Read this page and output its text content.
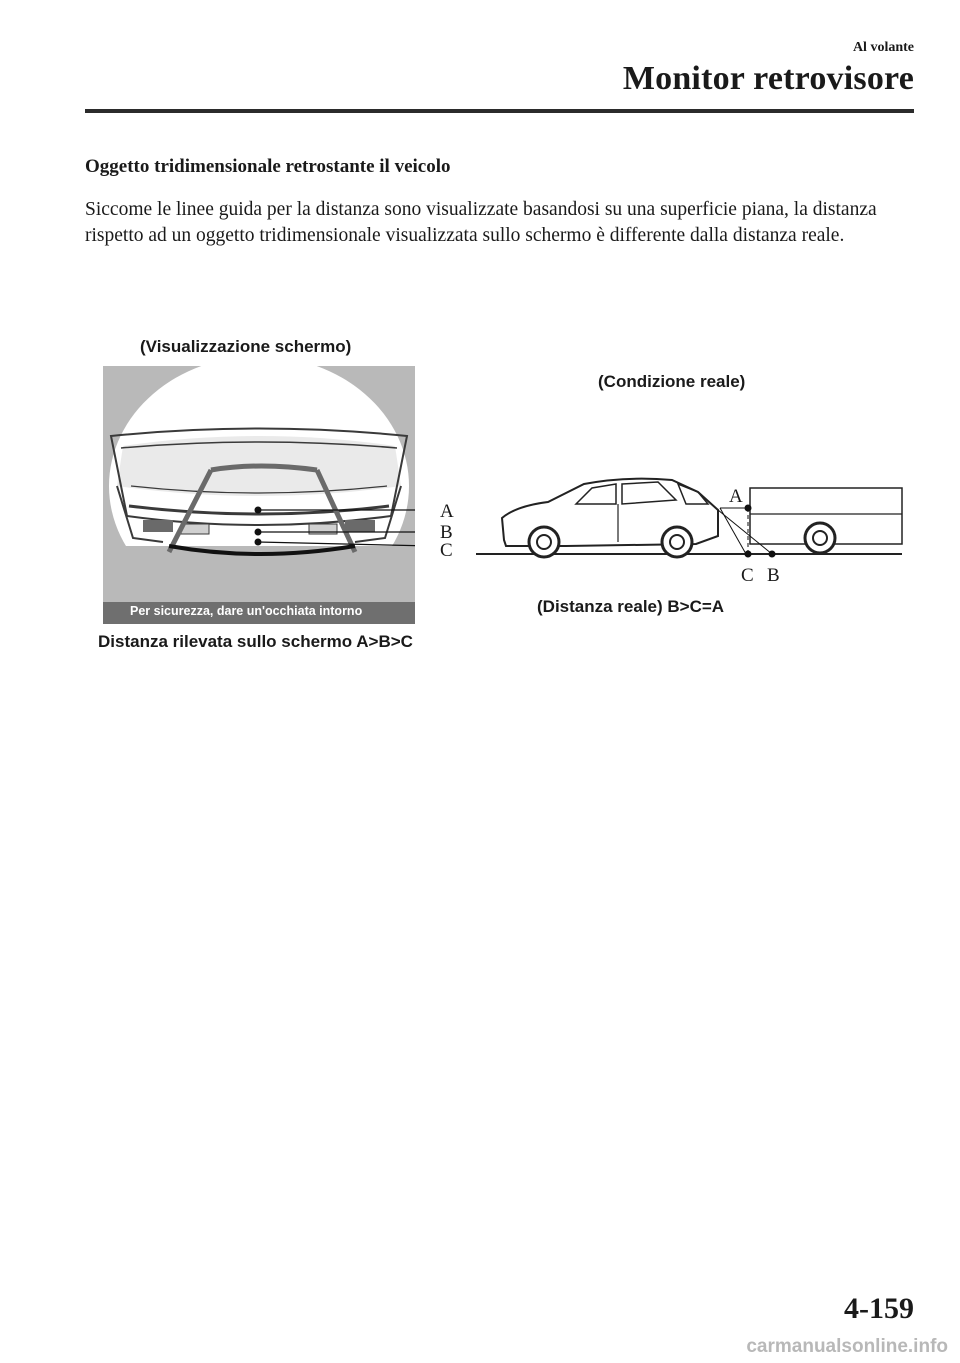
Al volante
Monitor retrovisore
Oggetto tridimensionale retrostante il veicolo

Siccome le linee guida per la distanza sono visualizzate basandosi su una superficie piana, la distanza rispetto ad un oggetto tridimensionale visualizzata sullo schermo è differente dalla distanza reale.

(Visualizzazione schermo)
Per sicurezza, dare un'occhiata intorno
A
B
C
(Condizione reale)
A
C B
(Distanza reale) B>C=A
Distanza rilevata sullo schermo A>B>C
4-159
carmanualsonline.info
